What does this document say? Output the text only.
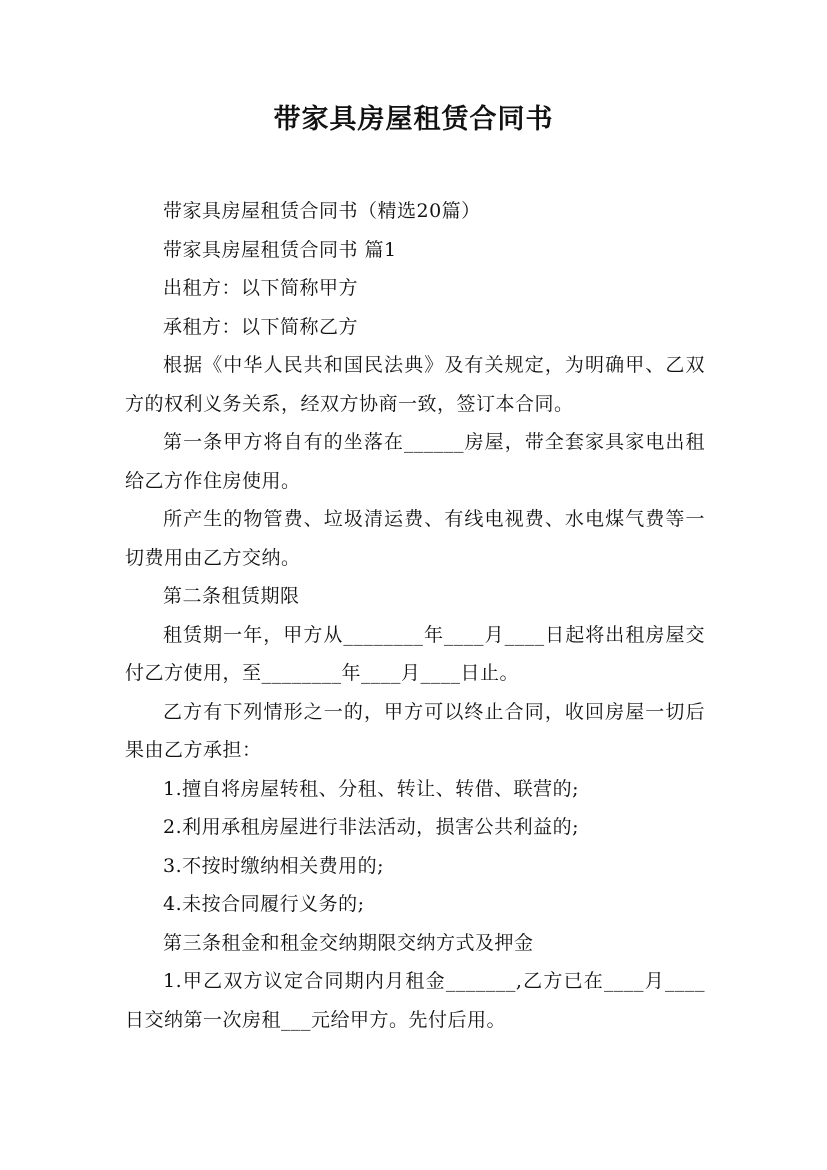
带家具房屋租赁合同书

带家具房屋租赁合同书（精选20篇）

带家具房屋租赁合同书 篇1

出租方：以下简称甲方

承租方：以下简称乙方

根据《中华人民共和国民法典》及有关规定，为明确甲、乙双方的权利义务关系，经双方协商一致，签订本合同。

第一条甲方将自有的坐落在______房屋，带全套家具家电出租给乙方作住房使用。

所产生的物管费、垃圾清运费、有线电视费、水电煤气费等一切费用由乙方交纳。

第二条租赁期限

租赁期一年，甲方从________年____月____日起将出租房屋交付乙方使用，至________年____月____日止。

乙方有下列情形之一的，甲方可以终止合同，收回房屋一切后果由乙方承担：

1.擅自将房屋转租、分租、转让、转借、联营的;

2.利用承租房屋进行非法活动，损害公共利益的;

3.不按时缴纳相关费用的;

4.未按合同履行义务的;

第三条租金和租金交纳期限交纳方式及押金

1.甲乙双方议定合同期内月租金_______,乙方已在____月____日交纳第一次房租___元给甲方。先付后用。
